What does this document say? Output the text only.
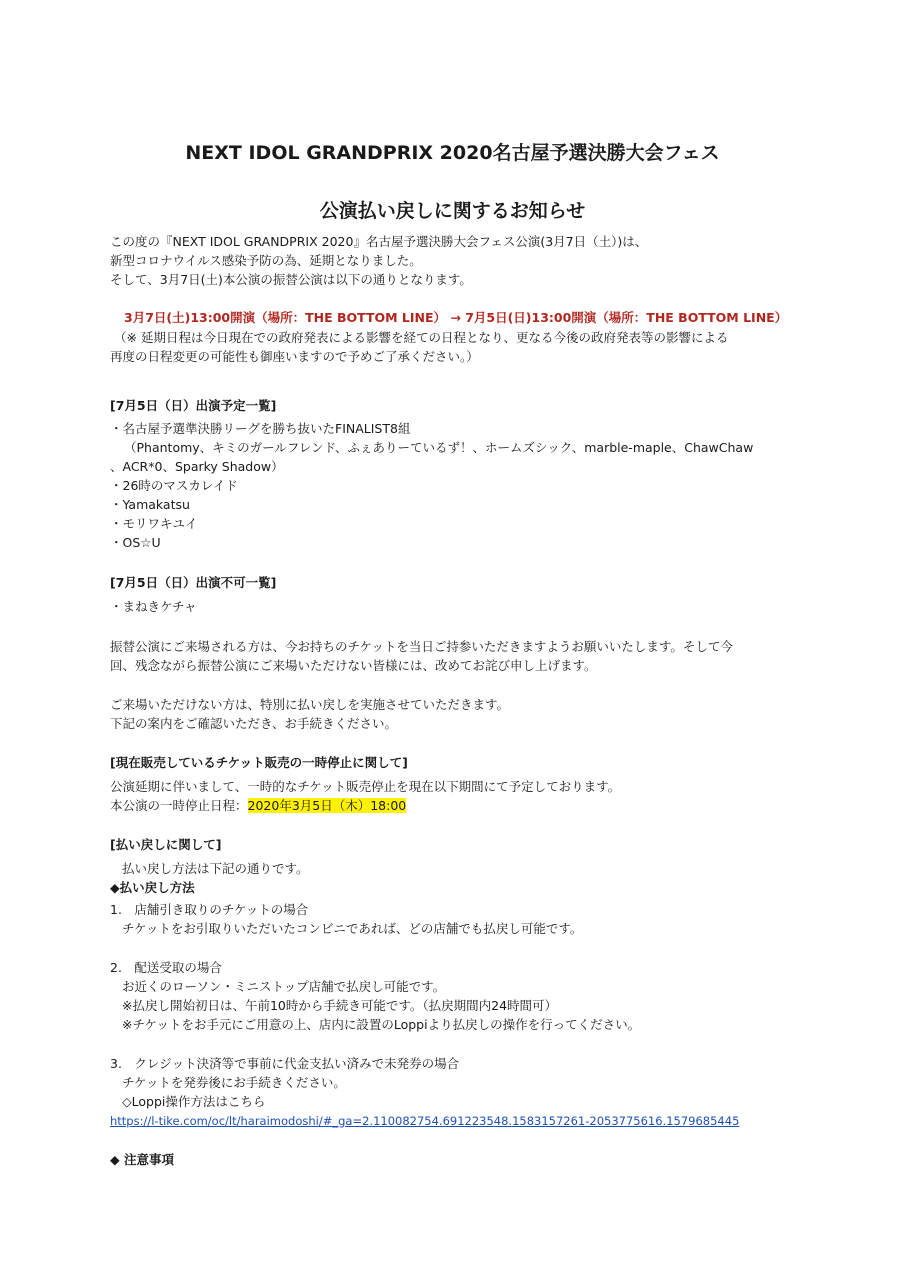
NEXT IDOL GRANDPRIX 2020名古屋予選決勝大会フェス
公演払い戻しに関するお知らせ
この度の『NEXT IDOL GRANDPRIX 2020』名古屋予選決勝大会フェス公演(3月7日（土）)は、
新型コロナウイルス感染予防の為、延期となりました。
そして、3月7日(土)本公演の振替公演は以下の通りとなります。
3月7日(土)13:00開演（場所：THE BOTTOM LINE） → 7月5日(日)13:00開演（場所：THE BOTTOM LINE）
（※ 延期日程は今日現在での政府発表による影響を経ての日程となり、更なる今後の政府発表等の影響による
再度の日程変更の可能性も御座いますので予めご了承ください。）
[7月5日（日）出演予定一覧]
・名古屋予選準決勝リーグを勝ち抜いたFINALIST8組
（Phantomy、キミのガールフレンド、ふぇありーているず！、ホームズシック、marble-maple、ChawChaw
、ACR*0、Sparky Shadow）
・26時のマスカレイド
・Yamakatsu
・モリワキユイ
・OS☆U
[7月5日（日）出演不可一覧]
・まねきケチャ
振替公演にご来場される方は、今お持ちのチケットを当日ご持参いただきますようお願いいたします。そして今
回、残念ながら振替公演にご来場いただけない皆様には、改めてお詫び申し上げます。
ご来場いただけない方は、特別に払い戻しを実施させていただきます。
下記の案内をご確認いただき、お手続きください。
[現在販売しているチケット販売の一時停止に関して]
公演延期に伴いまして、一時的なチケット販売停止を現在以下期間にて予定しております。
本公演の一時停止日程：2020年3月5日（木）18:00
[払い戻しに関して]
払い戻し方法は下記の通りです。
◆払い戻し方法
1.　店舗引き取りのチケットの場合
チケットをお引取りいただいたコンビニであれば、どの店舗でも払戻し可能です。
2.　配送受取の場合
お近くのローソン・ミニストップ店舗で払戻し可能です。
※払戻し開始初日は、午前10時から手続き可能です。（払戻期間内24時間可）
※チケットをお手元にご用意の上、店内に設置のLoppiより払戻しの操作を行ってください。
3.　クレジット決済等で事前に代金支払い済みで未発券の場合
チケットを発券後にお手続きください。
◇Loppi操作方法はこちら
https://l-tike.com/oc/lt/haraimodoshi/#_ga=2.110082754.691223548.1583157261-2053775616.1579685445
◆ 注意事項
